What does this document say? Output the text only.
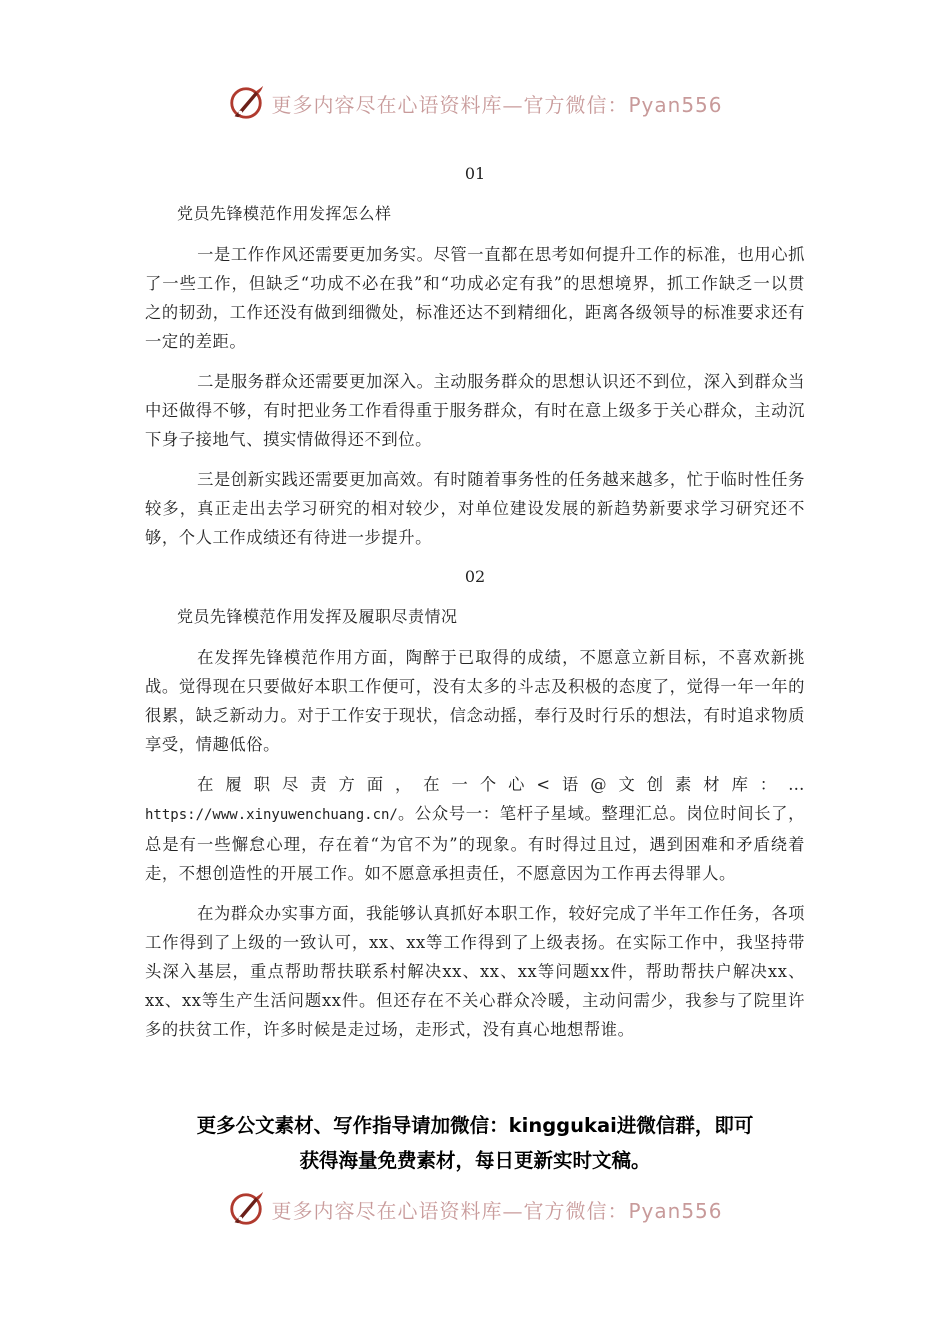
更多内容尽在心语资料库—官方微信：Pyan556

01

党员先锋模范作用发挥怎么样

一是工作作风还需要更加务实。尽管一直都在思考如何提升工作的标准，也用心抓了一些工作，但缺乏“功成不必在我”和“功成必定有我”的思想境界，抓工作缺乏一以贯之的韧劲，工作还没有做到细微处，标准还达不到精细化，距离各级领导的标准要求还有一定的差距。

二是服务群众还需要更加深入。主动服务群众的思想认识还不到位，深入到群众当中还做得不够，有时把业务工作看得重于服务群众，有时在意上级多于关心群众，主动沉下身子接地气、摸实情做得还不到位。

三是创新实践还需要更加高效。有时随着事务性的任务越来越多，忙于临时性任务较多，真正走出去学习研究的相对较少，对单位建设发展的新趋势新要求学习研究还不够，个人工作成绩还有待进一步提升。

02

党员先锋模范作用发挥及履职尽责情况

在发挥先锋模范作用方面，陶醉于已取得的成绩，不愿意立新目标，不喜欢新挑战。觉得现在只要做好本职工作便可，没有太多的斗志及积极的态度了，觉得一年一年的很累，缺乏新动力。对于工作安于现状，信念动摇，奉行及时行乐的想法，有时追求物质享受，情趣低俗。

在履职尽责方面，在一个心<语@文创素材库：…https://www.xinyuwenchuang.cn/。公众号一：笔杆子星域。整理汇总。岗位时间长了，总是有一些懈怠心理，存在着“为官不为”的现象。有时得过且过，遇到困难和矛盾绕着走，不想创造性的开展工作。如不愿意承担责任，不愿意因为工作再去得罪人。

在为群众办实事方面，我能够认真抓好本职工作，较好完成了半年工作任务，各项工作得到了上级的一致认可，xx、xx等工作得到了上级表扬。在实际工作中，我坚持带头深入基层，重点帮助帮扶联系村解决xx、xx、xx等问题xx件，帮助帮扶户解决xx、xx、xx等生产生活问题xx件。但还存在不关心群众冷暖，主动问需少，我参与了院里许多的扶贫工作，许多时候是走过场，走形式，没有真心地想帮谁。

更多公文素材、写作指导请加微信：kinggukai进微信群，即可
获得海量免费素材，每日更新实时文稿。
更多内容尽在心语资料库—官方微信：Pyan556
